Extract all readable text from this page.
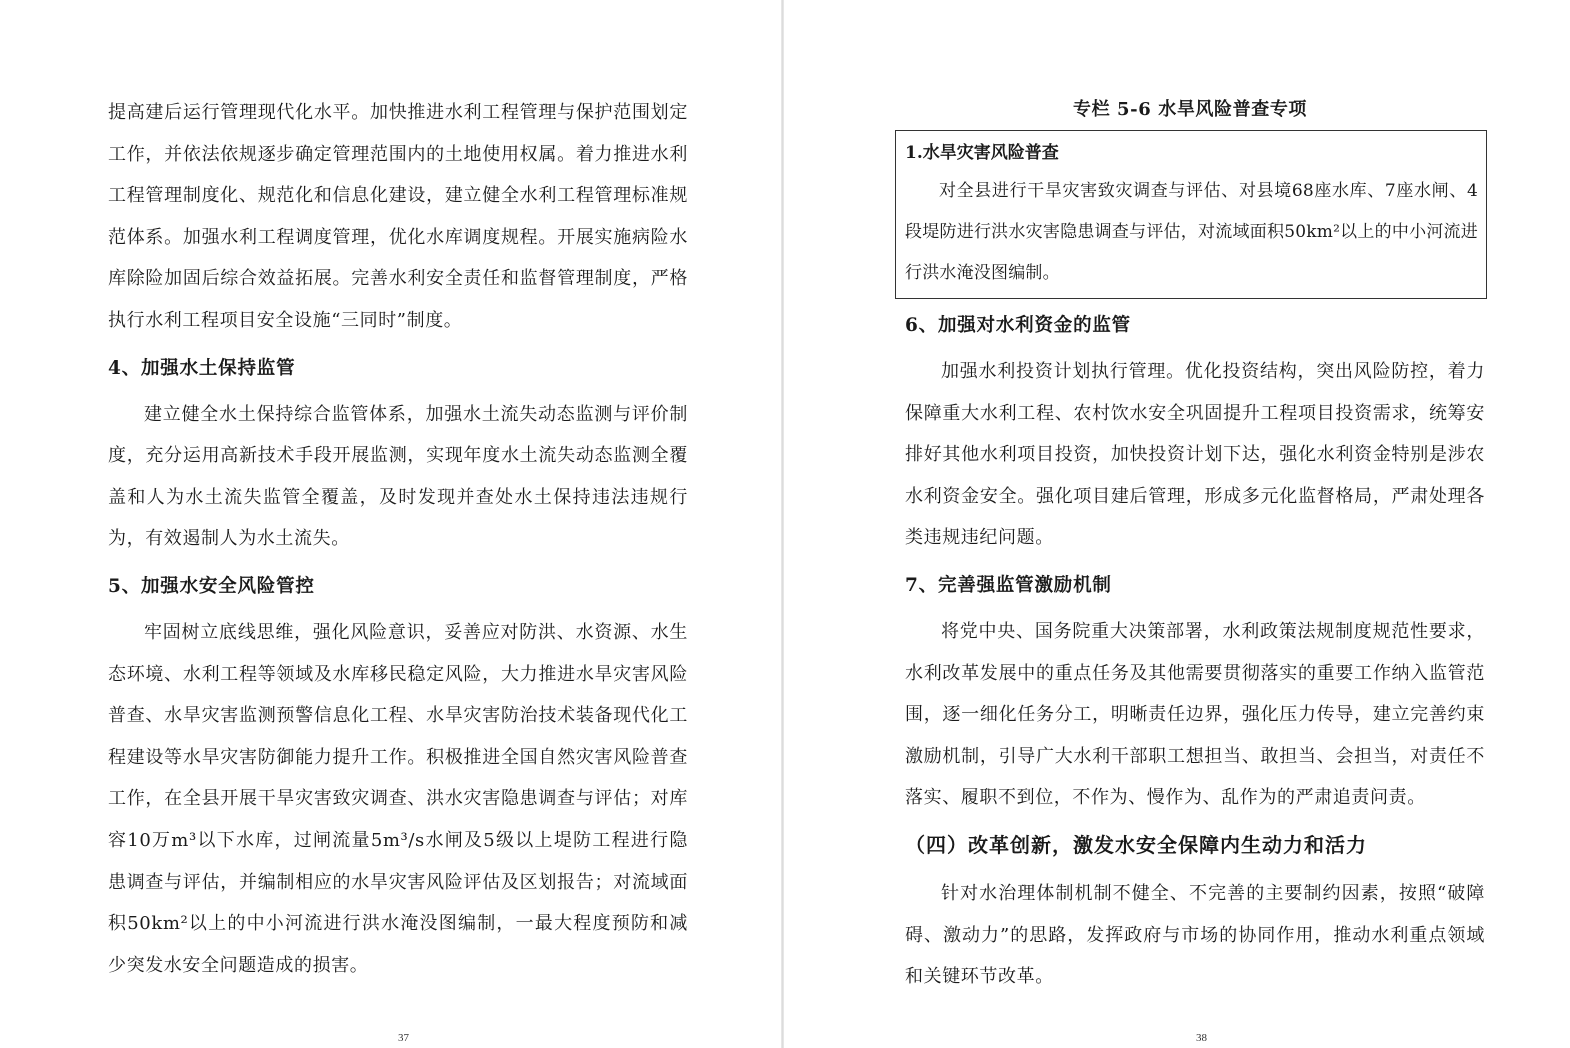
提高建后运行管理现代化水平。加快推进水利工程管理与保护范围划定工作，并依法依规逐步确定管理范围内的土地使用权属。着力推进水利工程管理制度化、规范化和信息化建设，建立健全水利工程管理标准规范体系。加强水利工程调度管理，优化水库调度规程。开展实施病险水库除险加固后综合效益拓展。完善水利安全责任和监督管理制度，严格执行水利工程项目安全设施“三同时”制度。

4、加强水土保持监管

建立健全水土保持综合监管体系，加强水土流失动态监测与评价制度，充分运用高新技术手段开展监测，实现年度水土流失动态监测全覆盖和人为水土流失监管全覆盖，及时发现并查处水土保持违法违规行为，有效遏制人为水土流失。

5、加强水安全风险管控

牢固树立底线思维，强化风险意识，妥善应对防洪、水资源、水生态环境、水利工程等领域及水库移民稳定风险，大力推进水旱灾害风险普查、水旱灾害监测预警信息化工程、水旱灾害防治技术装备现代化工程建设等水旱灾害防御能力提升工作。积极推进全国自然灾害风险普查工作，在全县开展干旱灾害致灾调查、洪水灾害隐患调查与评估；对库容10万m³以下水库，过闸流量5m³/s水闸及5级以上堤防工程进行隐患调查与评估，并编制相应的水旱灾害风险评估及区划报告；对流域面积50km²以上的中小河流进行洪水淹没图编制，一最大程度预防和减少突发水安全问题造成的损害。

37
专栏 5-6 水旱风险普查专项
1.水旱灾害风险普查

对全县进行干旱灾害致灾调查与评估、对县境68座水库、7座水闸、4段堤防进行洪水灾害隐患调查与评估，对流域面积50km²以上的中小河流进行洪水淹没图编制。

6、加强对水利资金的监管

加强水利投资计划执行管理。优化投资结构，突出风险防控，着力保障重大水利工程、农村饮水安全巩固提升工程项目投资需求，统筹安排好其他水利项目投资，加快投资计划下达，强化水利资金特别是涉农水利资金安全。强化项目建后管理，形成多元化监督格局，严肃处理各类违规违纪问题。

7、完善强监管激励机制

将党中央、国务院重大决策部署，水利政策法规制度规范性要求，水利改革发展中的重点任务及其他需要贯彻落实的重要工作纳入监管范围，逐一细化任务分工，明晰责任边界，强化压力传导，建立完善约束激励机制，引导广大水利干部职工想担当、敢担当、会担当，对责任不落实、履职不到位，不作为、慢作为、乱作为的严肃追责问责。

（四）改革创新，激发水安全保障内生动力和活力

针对水治理体制机制不健全、不完善的主要制约因素，按照“破障碍、激动力”的思路，发挥政府与市场的协同作用，推动水利重点领域和关键环节改革。

38
